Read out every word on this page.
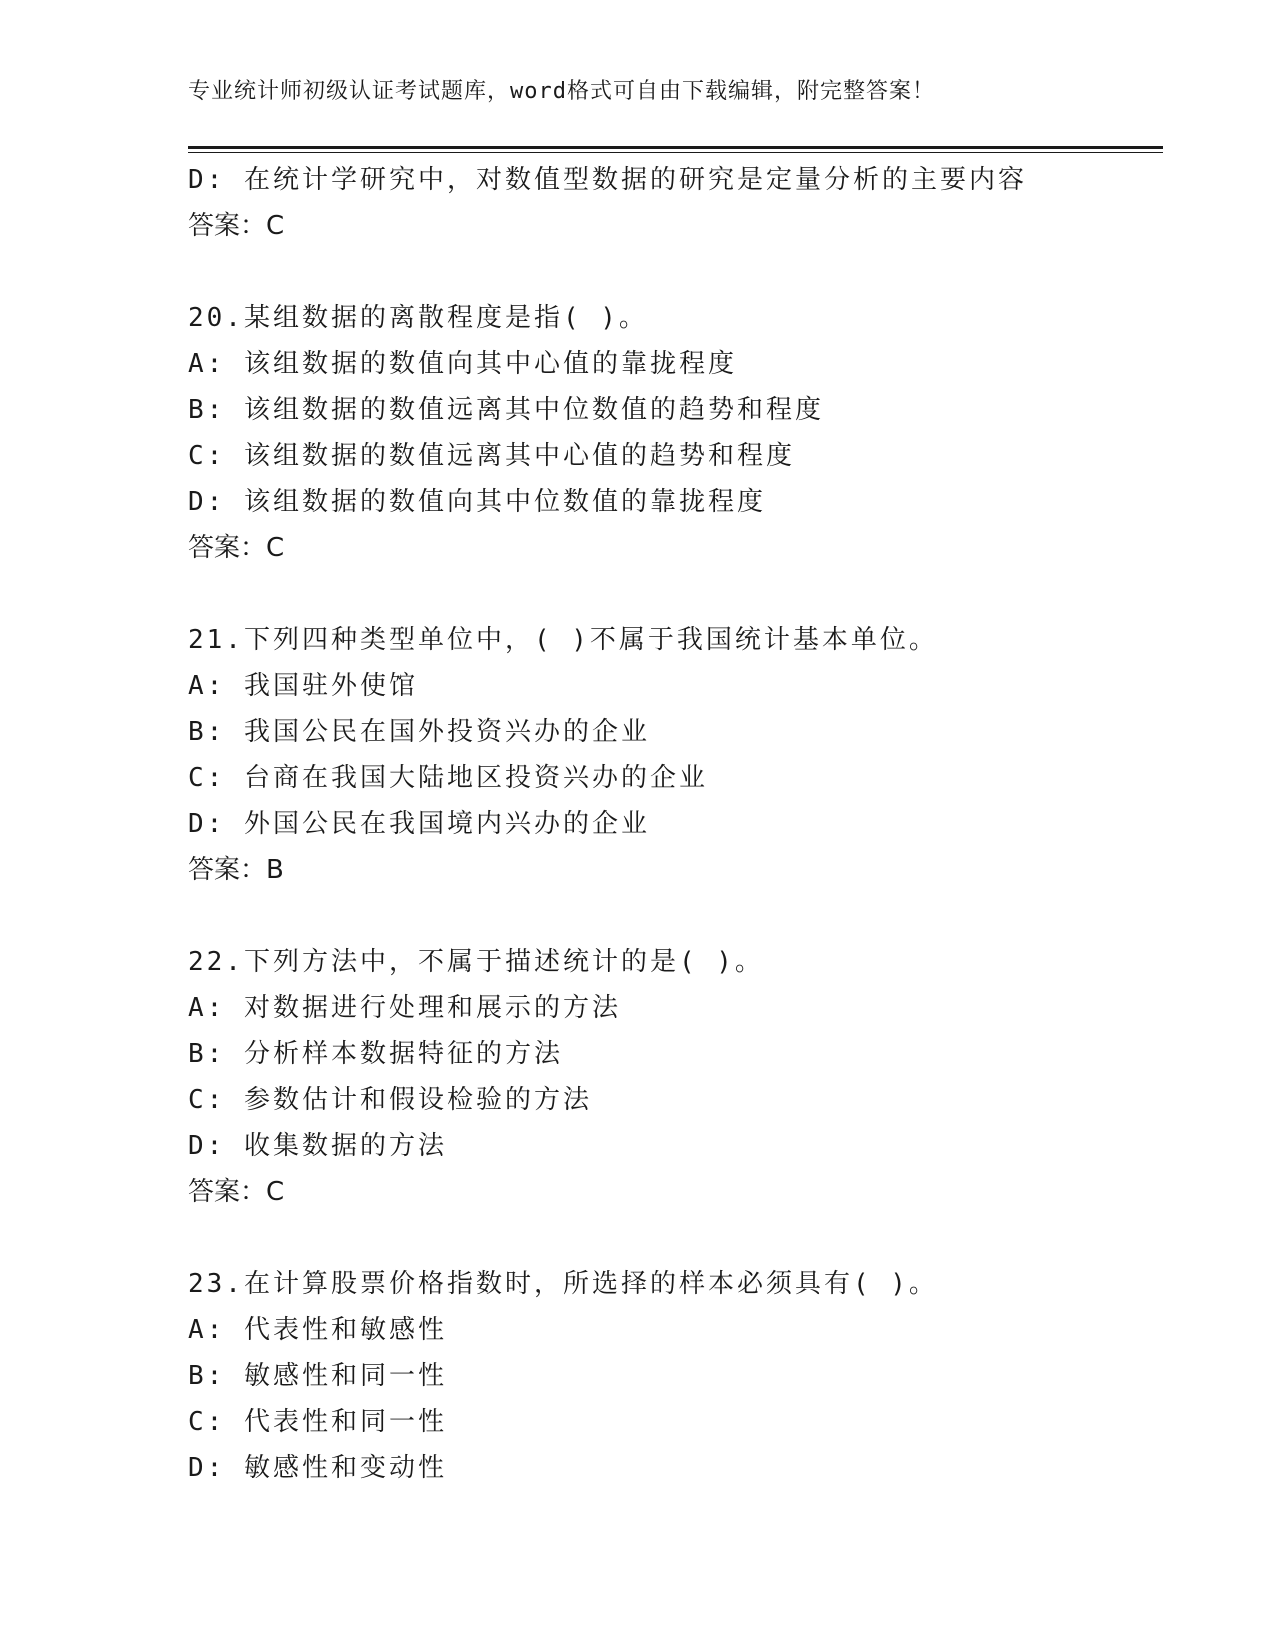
专业统计师初级认证考试题库，word格式可自由下载编辑，附完整答案！
D: 在统计学研究中，对数值型数据的研究是定量分析的主要内容
答案：C
20.某组数据的离散程度是指( )。
A: 该组数据的数值向其中心值的靠拢程度
B: 该组数据的数值远离其中位数值的趋势和程度
C: 该组数据的数值远离其中心值的趋势和程度
D: 该组数据的数值向其中位数值的靠拢程度
答案：C
21.下列四种类型单位中，( )不属于我国统计基本单位。
A: 我国驻外使馆
B: 我国公民在国外投资兴办的企业
C: 台商在我国大陆地区投资兴办的企业
D: 外国公民在我国境内兴办的企业
答案：B
22.下列方法中，不属于描述统计的是( )。
A: 对数据进行处理和展示的方法
B: 分析样本数据特征的方法
C: 参数估计和假设检验的方法
D: 收集数据的方法
答案：C
23.在计算股票价格指数时，所选择的样本必须具有( )。
A: 代表性和敏感性
B: 敏感性和同一性
C: 代表性和同一性
D: 敏感性和变动性
